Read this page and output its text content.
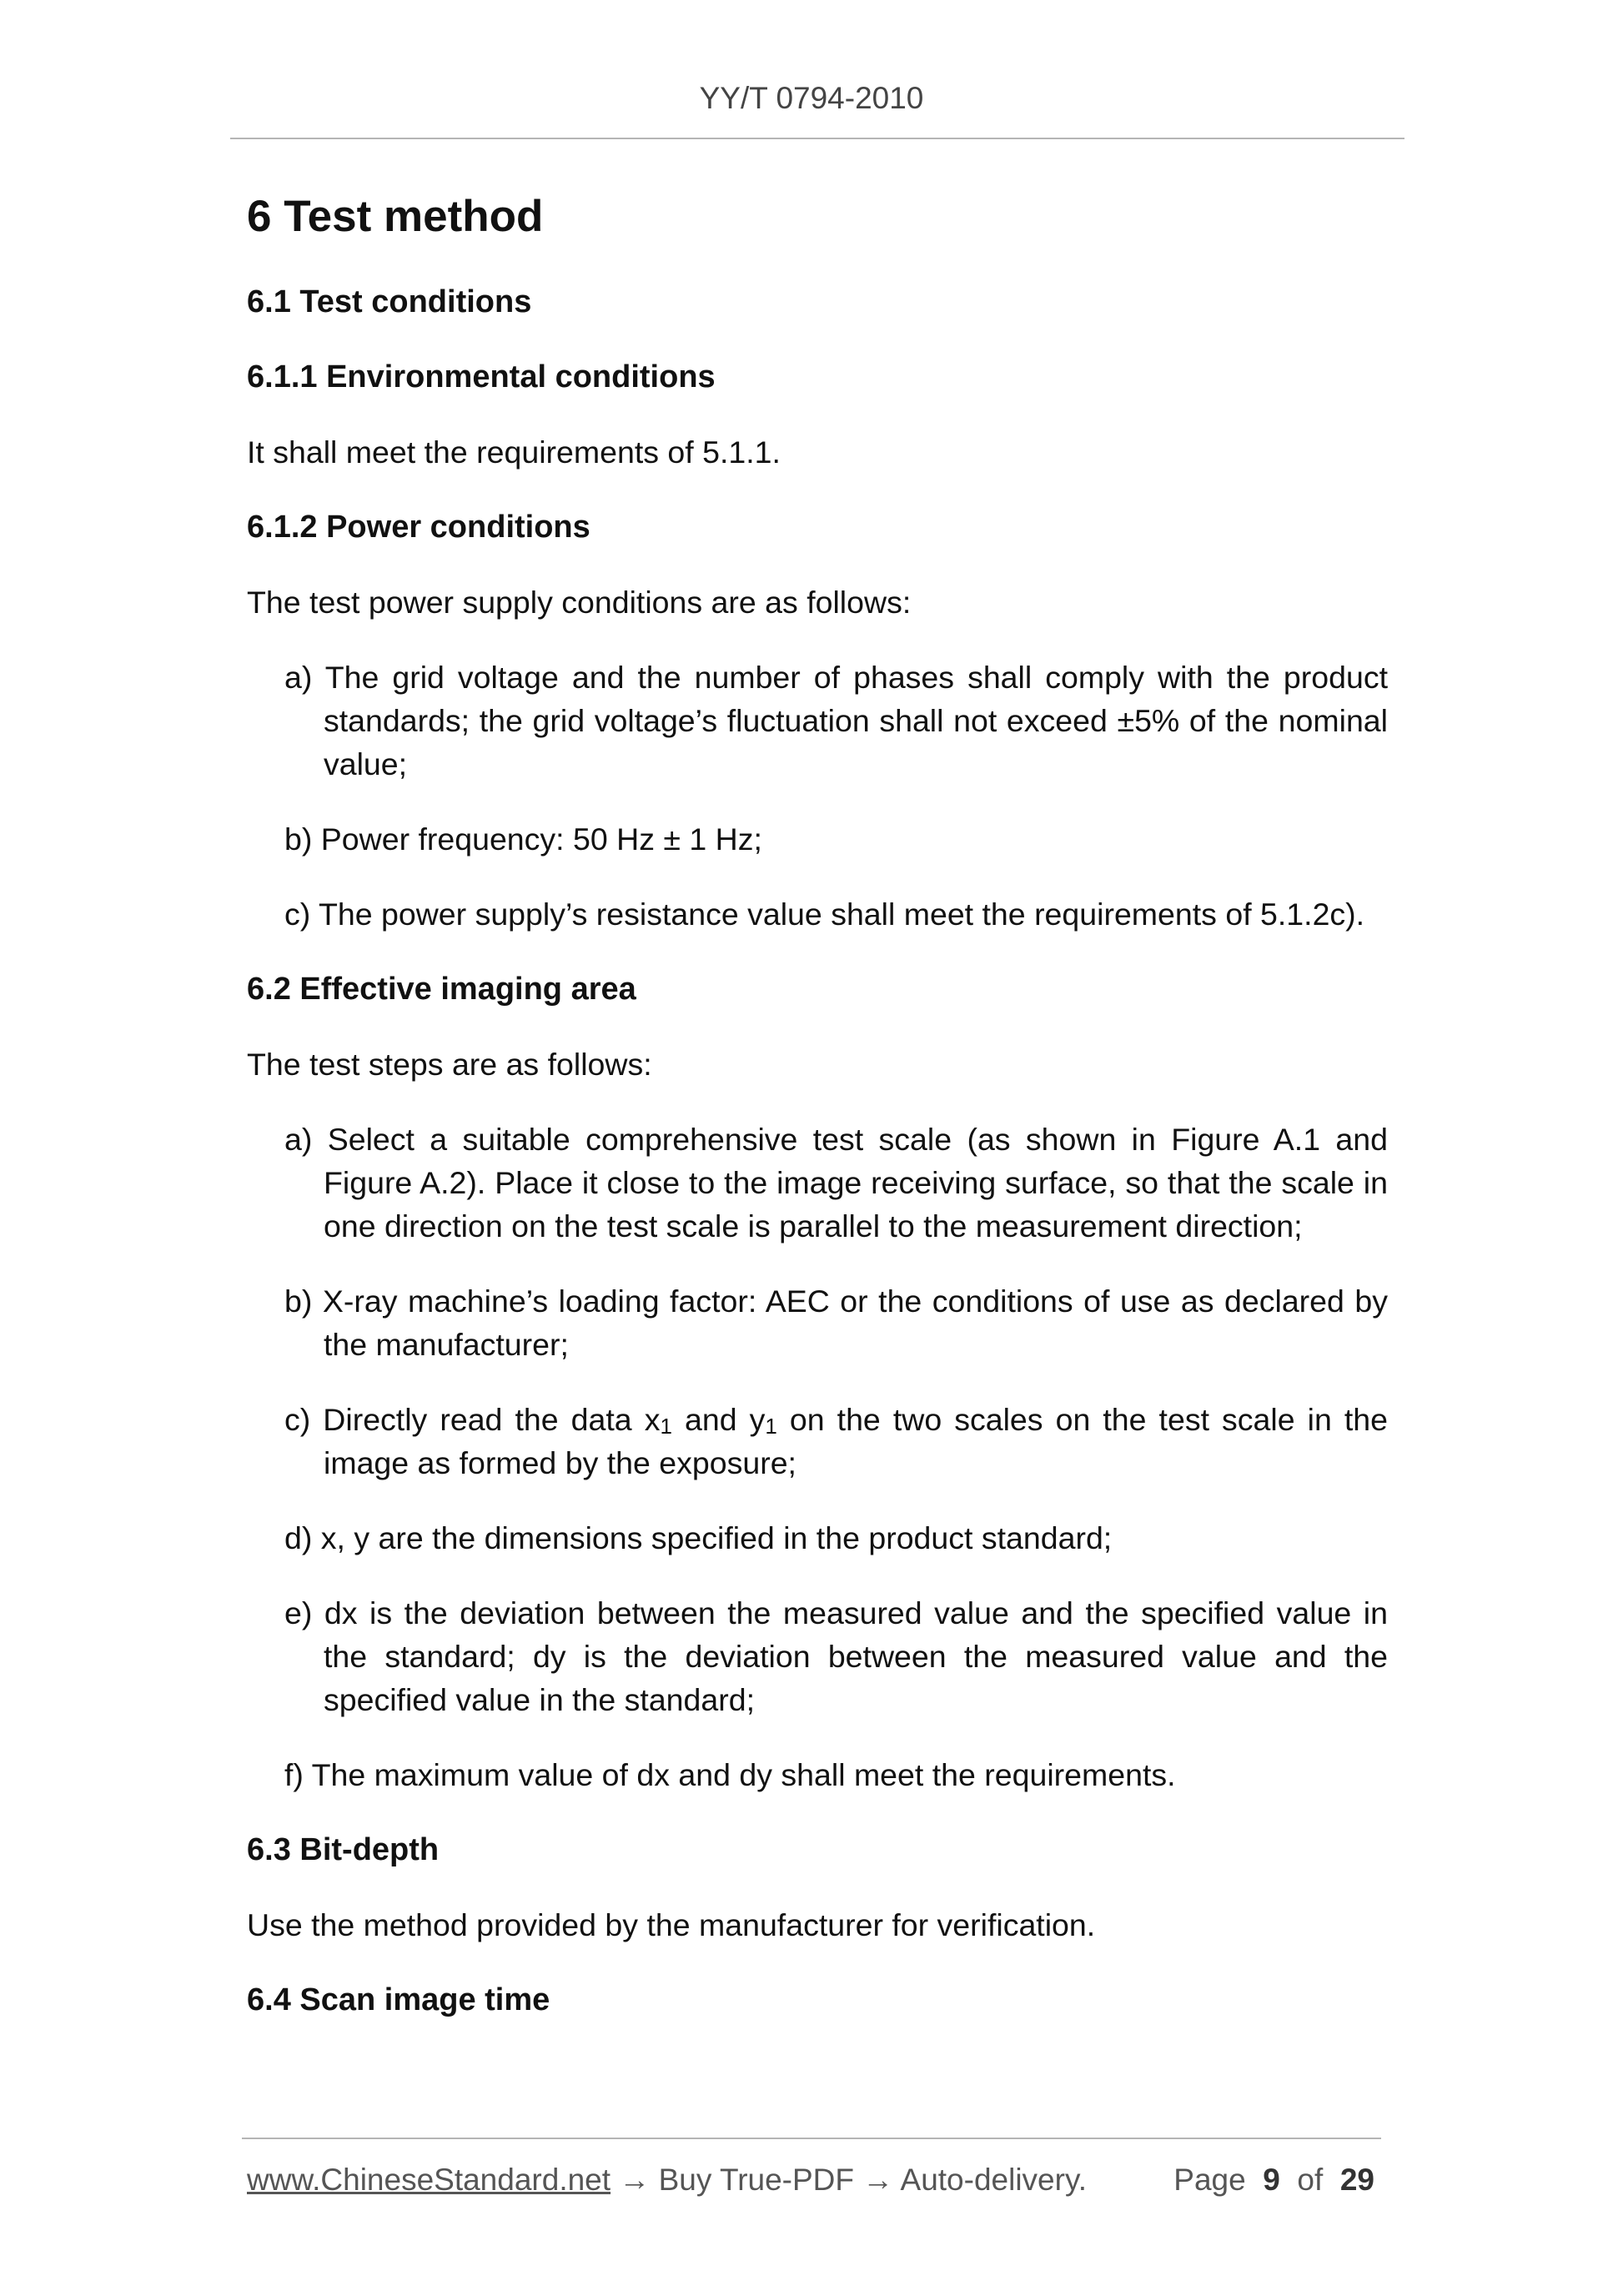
YY/T 0794-2010

6 Test method

6.1 Test conditions

6.1.1 Environmental conditions

It shall meet the requirements of 5.1.1.

6.1.2 Power conditions

The test power supply conditions are as follows:

a) The grid voltage and the number of phases shall comply with the product standards; the grid voltage’s fluctuation shall not exceed ±5% of the nominal value;

b) Power frequency: 50 Hz ± 1 Hz;

c) The power supply’s resistance value shall meet the requirements of 5.1.2c).

6.2 Effective imaging area

The test steps are as follows:

a) Select a suitable comprehensive test scale (as shown in Figure A.1 and Figure A.2). Place it close to the image receiving surface, so that the scale in one direction on the test scale is parallel to the measurement direction;

b) X-ray machine’s loading factor: AEC or the conditions of use as declared by the manufacturer;

c) Directly read the data $x_1$ and $y_1$ on the two scales on the test scale in the image as formed by the exposure;

d) x, y are the dimensions specified in the product standard;

e) dx is the deviation between the measured value and the specified value in the standard; dy is the deviation between the measured value and the specified value in the standard;

f) The maximum value of dx and dy shall meet the requirements.

6.3 Bit-depth

Use the method provided by the manufacturer for verification.

6.4 Scan image time

www.ChineseStandard.net → Buy True-PDF → Auto-delivery.	Page 9 of 29
